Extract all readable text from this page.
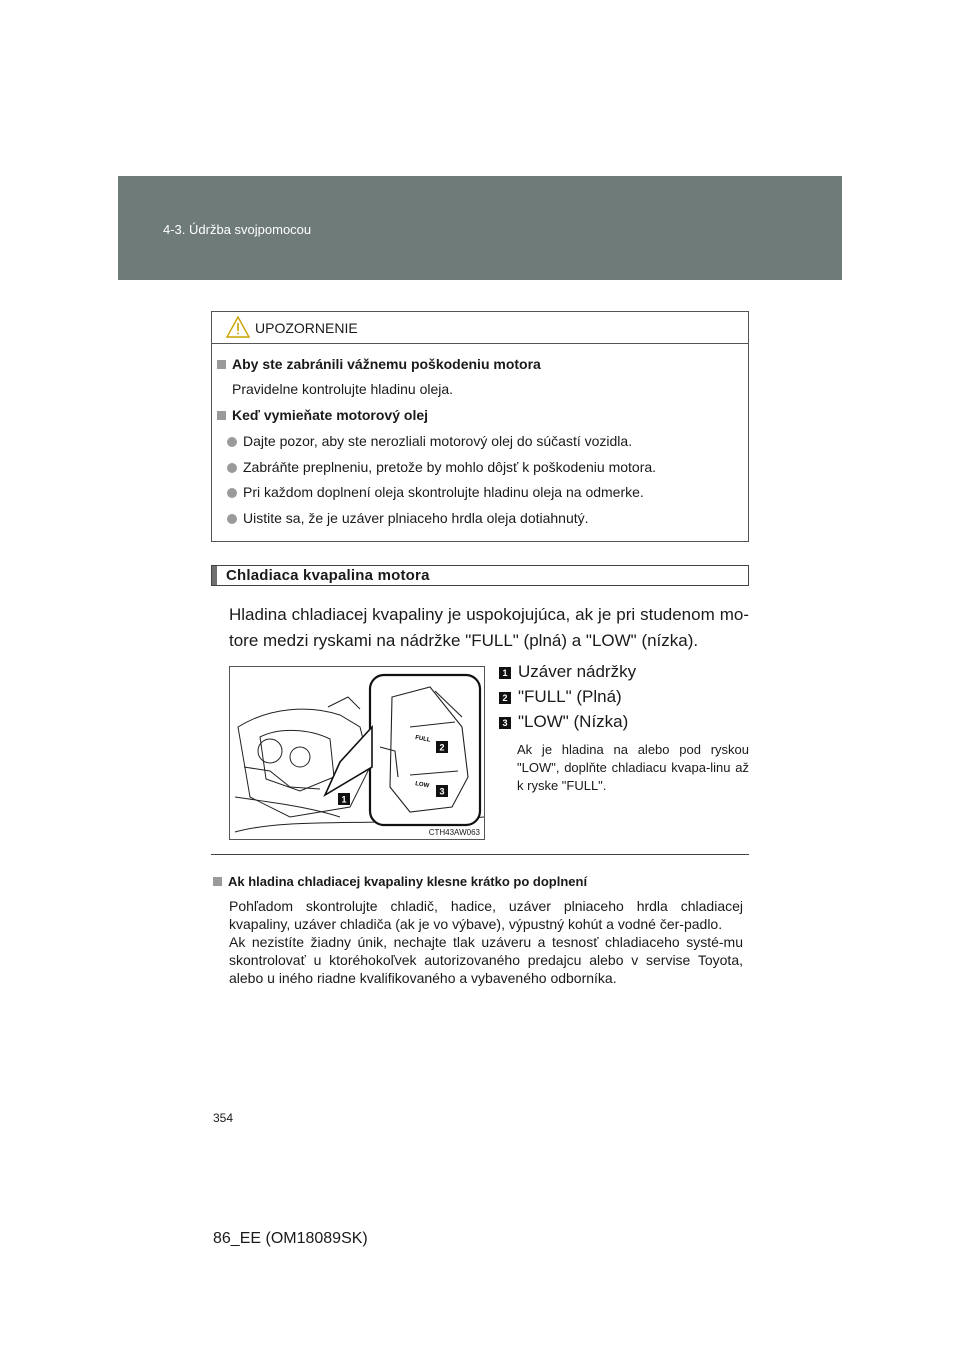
4-3. Údržba svojpomocou
UPOZORNENIE
Aby ste zabránili vážnemu poškodeniu motora
Pravidelne kontrolujte hladinu oleja.
Keď vymieňate motorový olej
Dajte pozor, aby ste nerozliali motorový olej do súčastí vozidla.
Zabráňte preplneniu, pretože by mohlo dôjsť k poškodeniu motora.
Pri každom doplnení oleja skontrolujte hladinu oleja na odmerke.
Uistite sa, že je uzáver plniaceho hrdla oleja dotiahnutý.
Chladiaca kvapalina motora
Hladina chladiacej kvapaliny je uspokojujúca, ak je pri studenom mo-tore medzi ryskami na nádržke "FULL" (plná) a "LOW" (nízka).
FULL
LOW
1
2
3
CTH43AW063
1 Uzáver nádržky
2 "FULL" (Plná)
3 "LOW" (Nízka)
Ak je hladina na alebo pod ryskou "LOW", doplňte chladiacu kvapa-linu až k ryske "FULL".
Ak hladina chladiacej kvapaliny klesne krátko po doplnení

Pohľadom skontrolujte chladič, hadice, uzáver plniaceho hrdla chladiacej kvapaliny, uzáver chladiča (ak je vo výbave), výpustný kohút a vodné čer-padlo.

Ak nezistíte žiadny únik, nechajte tlak uzáveru a tesnosť chladiaceho systé-mu skontrolovať u ktoréhokoľvek autorizovaného predajcu alebo v servise Toyota, alebo u iného riadne kvalifikovaného a vybaveného odborníka.

354
86_EE (OM18089SK)
